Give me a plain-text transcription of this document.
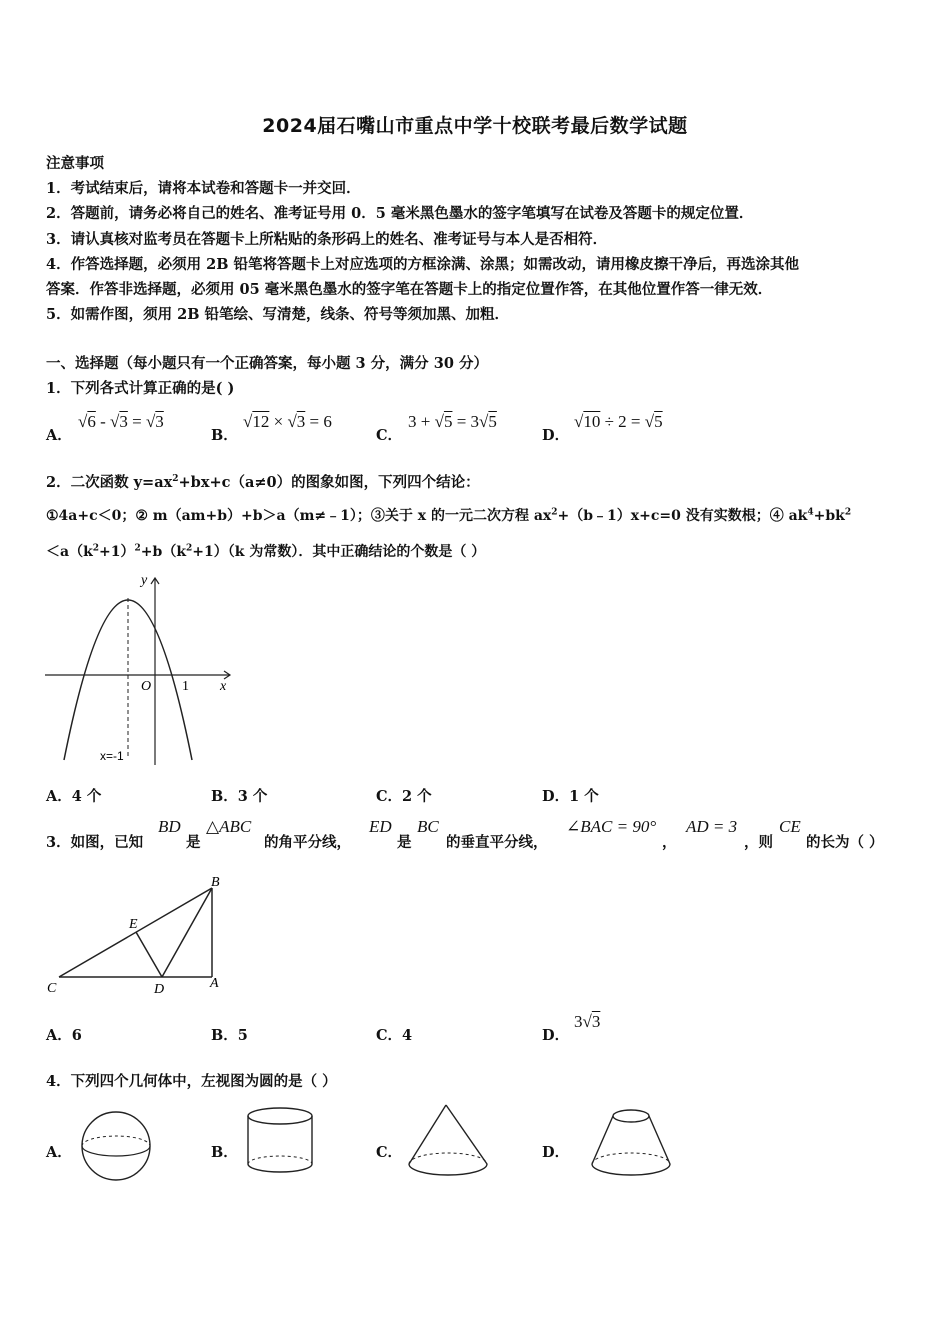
2024届石嘴山市重点中学十校联考最后数学试题
注意事项
1．考试结束后，请将本试卷和答题卡一并交回．
2．答题前，请务必将自己的姓名、准考证号用 0．5 毫米黑色墨水的签字笔填写在试卷及答题卡的规定位置．
3．请认真核对监考员在答题卡上所粘贴的条形码上的姓名、准考证号与本人是否相符．
4．作答选择题，必须用 2B 铅笔将答题卡上对应选项的方框涂满、涂黑；如需改动，请用橡皮擦干净后，再选涂其他
答案．作答非选择题，必须用 05 毫米黑色墨水的签字笔在答题卡上的指定位置作答，在其他位置作答一律无效．
5．如需作图，须用 2B 铅笔绘、写清楚，线条、符号等须加黑、加粗．
一、选择题（每小题只有一个正确答案，每小题 3 分，满分 30 分）
1．下列各式计算正确的是( )
A．
√6 - √3 = √3
B．
√12 × √3 = 6
C．
3 + √5 = 3√5
D．
√10 ÷ 2 = √5
2．二次函数 $y=ax^2+bx+c(a\ne 0)$的图象如图，下列四个结论：
①4a+c＜0；② m（am+b）+b＞a（m≠﹣1）；③关于 x 的一元二次方程 $ax^2+(b﹣1)x+c=0$ 没有实数根；④ $ak^4+bk^2$
$<a(k^2+1)^2+b(k^2+1)(k$ 为常数）．其中正确结论的个数是（ ）
y
O 1 x
x=-1
A．4 个	B．3 个	C．2 个	D．1 个
3．如图，已知
BD
是
△ABC
的角平分线，
ED
是
BC
的垂直平分线，
∠BAC = 90°
，
AD = 3
，则
CE
的长为（ ）
B
E
C	D	A
A．6	B．5	C．4	D．
3√3
4．下列四个几何体中，左视图为圆的是（ ）
A．	B．	C．	D．
